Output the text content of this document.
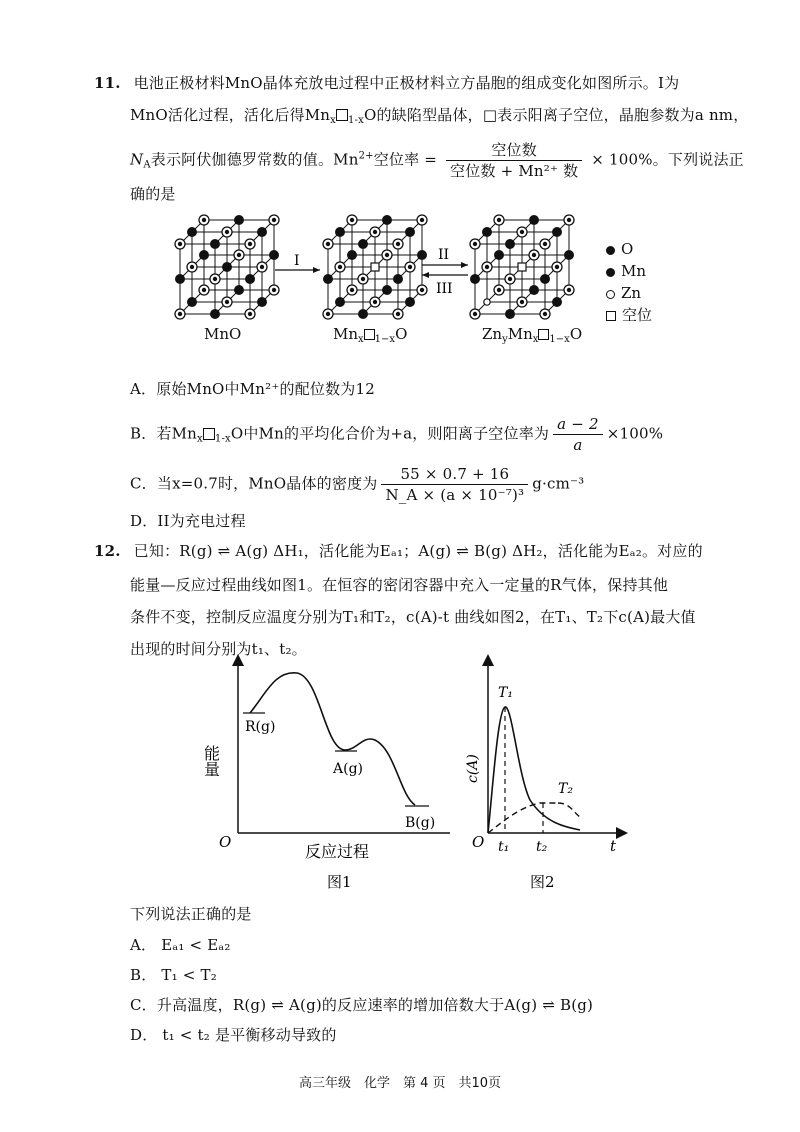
11. 电池正极材料MnO晶体充放电过程中正极材料立方晶胞的组成变化如图所示。I为
MnO活化过程，活化后得$Mn_x$ $_{1-x}$O的缺陷型晶体，□表示阳离子空位，晶胞参数为a nm，
$N_A$表示阿伏伽德罗常数的值。$Mn^{2+}$空位率 = $\frac{\text{空位数}}{\text{空位数 + Mn²⁺ 数}} \times 100\%$。下列说法正
确的是
I	II
III
MnO	$Mn_x$ $_{1-x}$O	$Zn_yMn_x$ $_{1-x}$O
O
Mn
Zn
空位
A．原始MnO中Mn²⁺的配位数为12
B．若$Mn_x$ $_{1-x}$O中Mn的平均化合价为+a，则阳离子空位率为 $\frac{a - 2}{a} \times 100\%$
C．当x=0.7时，MnO晶体的密度为 $\frac{55 \times 0.7 + 16}{\text{N\_A × (a × 10⁻⁷)³}} g\cdot cm^{-3}$
D．II为充电过程
12. 已知：R(g) ⇌ A(g) ΔH₁，活化能为Eₐ₁；A(g) ⇌ B(g) ΔH₂，活化能为Eₐ₂。对应的
能量—反应过程曲线如图1。在恒容的密闭容器中充入一定量的R气体，保持其他
条件不变，控制反应温度分别为T₁和T₂，c(A)-t 曲线如图2，在T₁、T₂下c(A)最大值
出现的时间分别为t₁、t₂。
O
R(g)
A(g)
B(g)
能量
反应过程
图1
O
T₁
T₂
t₁ t₂	t
c(A)
图2
下列说法正确的是
A． Eₐ₁ < Eₐ₂
B． T₁ < T₂
C．升高温度，R(g) ⇌ A(g)的反应速率的增加倍数大于A(g) ⇌ B(g)
D． t₁ < t₂ 是平衡移动导致的
高三年级　化学　第 4 页　共10页
